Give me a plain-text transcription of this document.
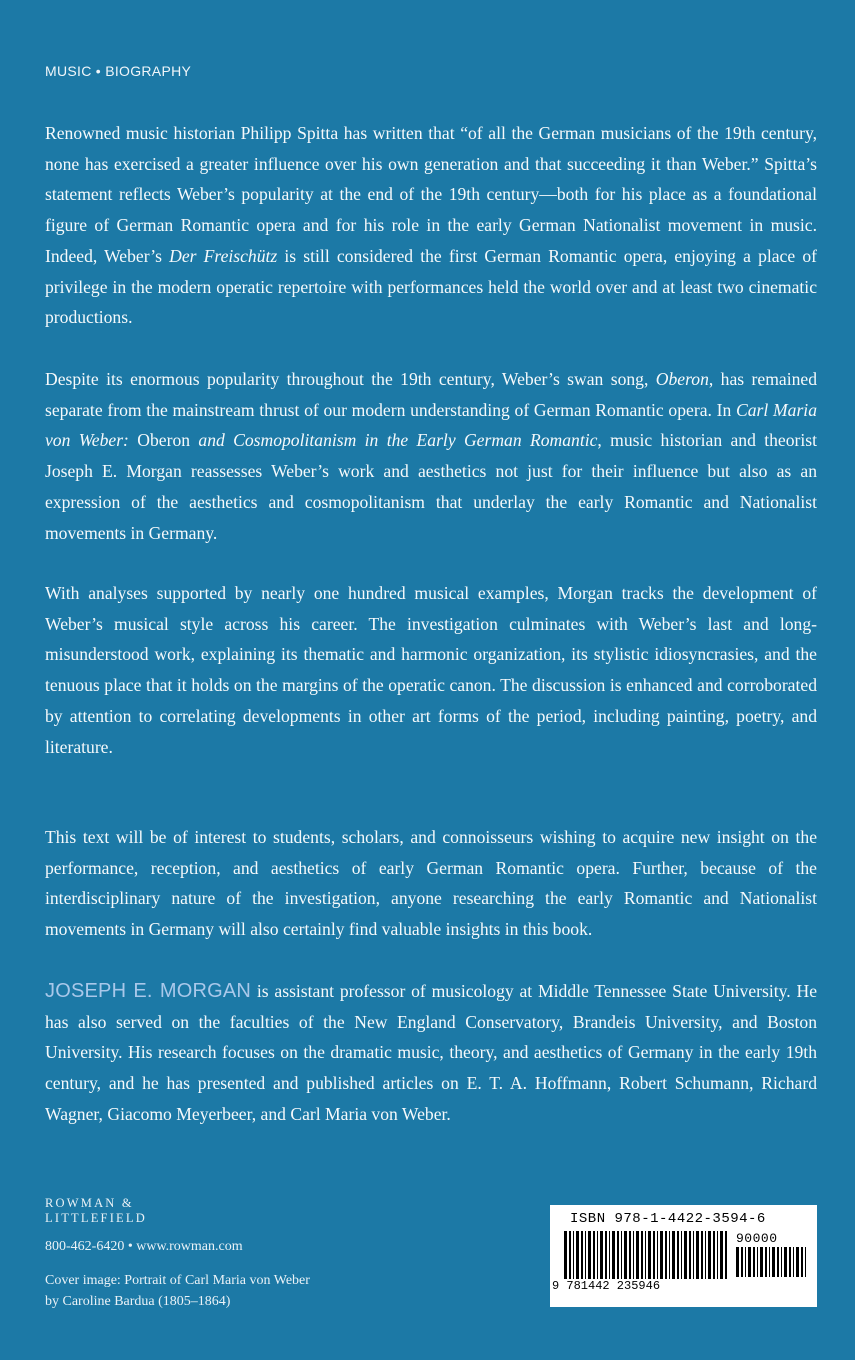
MUSIC • BIOGRAPHY

Renowned music historian Philipp Spitta has written that “of all the German musicians of the 19th century, none has exercised a greater influence over his own generation and that succeeding it than Weber.” Spitta’s statement reflects Weber’s popularity at the end of the 19th century—both for his place as a foundational figure of German Romantic opera and for his role in the early German Nationalist movement in music. Indeed, Weber’s Der Freischütz is still considered the first German Romantic opera, enjoying a place of privilege in the modern operatic repertoire with performances held the world over and at least two cinematic productions.

Despite its enormous popularity throughout the 19th century, Weber’s swan song, Oberon, has remained separate from the mainstream thrust of our modern understanding of German Romantic opera. In Carl Maria von Weber: Oberon and Cosmopolitanism in the Early German Romantic, music historian and theorist Joseph E. Morgan reassesses Weber’s work and aesthetics not just for their influence but also as an expression of the aesthetics and cosmopolitanism that underlay the early Romantic and Nationalist movements in Germany.

With analyses supported by nearly one hundred musical examples, Morgan tracks the development of Weber’s musical style across his career. The investigation culminates with Weber’s last and long-misunderstood work, explaining its thematic and harmonic organization, its stylistic idiosyncrasies, and the tenuous place that it holds on the margins of the operatic canon. The discussion is enhanced and corroborated by attention to correlating developments in other art forms of the period, including painting, poetry, and literature.

This text will be of interest to students, scholars, and connoisseurs wishing to acquire new insight on the performance, reception, and aesthetics of early German Romantic opera. Further, because of the interdisciplinary nature of the investigation, anyone researching the early Romantic and Nationalist movements in Germany will also certainly find valuable insights in this book.

JOSEPH E. MORGAN is assistant professor of musicology at Middle Tennessee State University. He has also served on the faculties of the New England Conservatory, Brandeis University, and Boston University. His research focuses on the dramatic music, theory, and aesthetics of Germany in the early 19th century, and he has presented and published articles on E. T. A. Hoffmann, Robert Schumann, Richard Wagner, Giacomo Meyerbeer, and Carl Maria von Weber.

ROWMAN &
LITTLEFIELD
800-462-6420 • www.rowman.com
Cover image: Portrait of Carl Maria von Weber
by Caroline Bardua (1805–1864)
ISBN 978-1-4422-3594-6
90000
9 781442 235946
